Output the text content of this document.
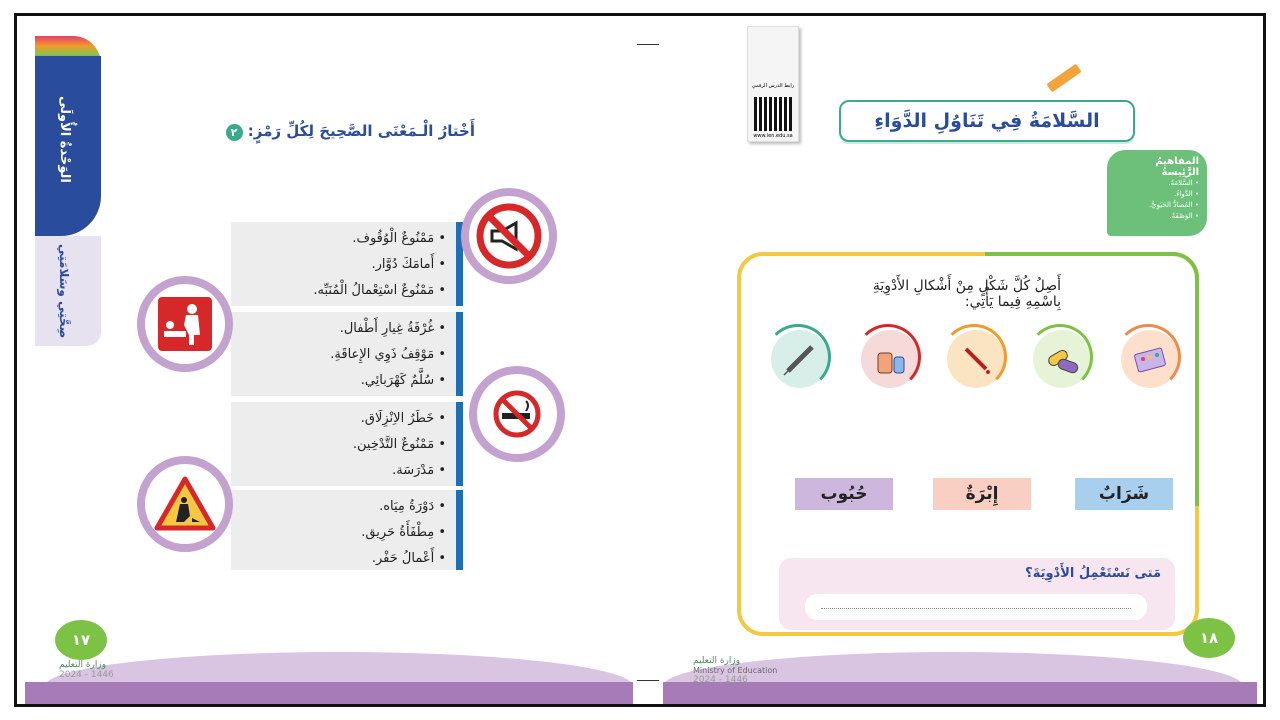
الوَحْدةُ الأُولَى
صِحَّتِي وسَلامَتِي
أَخْتارُ الْـمَعْنَى الصَّحِيحَ لِكُلِّ رَمْزٍ: ٢
• مَمْنُوعٌ الْوُقُوف.
• أَمامَكَ دُوَّار.
• مَمْنُوعٌ اسْتِعْمالُ الْمُنَبِّه.
• غُرْفَةُ غِيارِ أَطْفال.
• مَوْقِفُ ذَوِي الإِعاقَةِ.
• سُلَّمٌ كَهْرَبائِي.
• خَطَرُ الاِنْزِلَاق.
• مَمْنُوعٌ التَّدْخِين.
• مَدْرَسَة.
• دَوْرَةُ مِيَاه.
• مِطْفَأَةُ حَرِيق.
• أَعْمالُ حَفْر.
١٧
وزارة التعليم
2024 - 1446
رابط الدرس الرقمي
www.ien.edu.sa
السَّلامَةُ فِي تَنَاوُلِ الدَّوَاءِ
المفاهيمُ الرَّئِيسةُ
• السَّلامَةُ.
• الدَّواءُ.
• المُضادُّ الحَيَوِيُّ.
• الوَصْفَةُ.
أَصِلُ كُلَّ شَكْلٍ مِنْ أَشْكالِ الأَدْوِيَةِ بِاسْمِهِ فِيما يَأْتِي:
حُبُوب	إِبْرَةٌ	شَرَابٌ
مَتى نَسْتَعْمِلُ الأَدْوِيَةَ؟
١٨
وزارة التعليم
Ministry of Education
2024 - 1446
